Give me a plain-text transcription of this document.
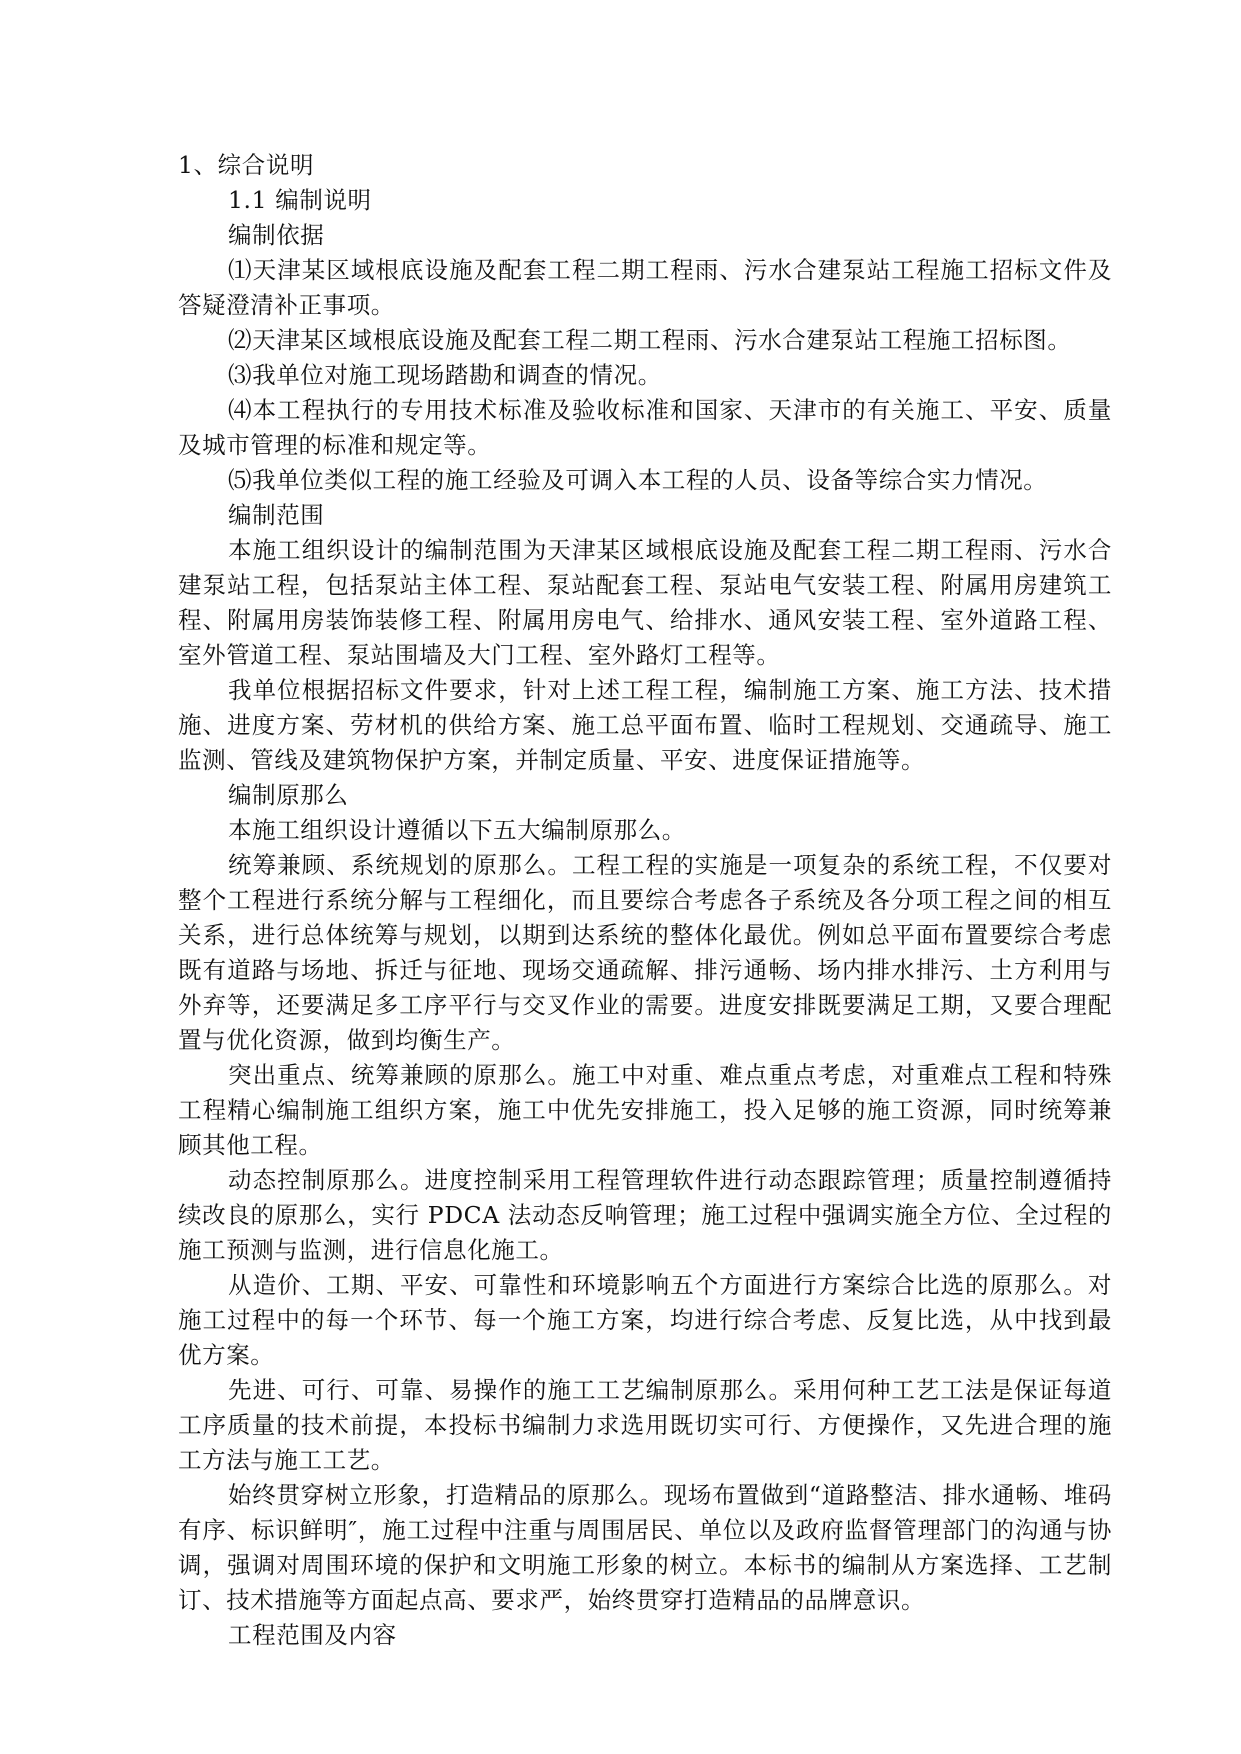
1、综合说明

1.1 编制说明

编制依据

⑴天津某区域根底设施及配套工程二期工程雨、污水合建泵站工程施工招标文件及答疑澄清补正事项。

⑵天津某区域根底设施及配套工程二期工程雨、污水合建泵站工程施工招标图。

⑶我单位对施工现场踏勘和调查的情况。

⑷本工程执行的专用技术标准及验收标准和国家、天津市的有关施工、平安、质量及城市管理的标准和规定等。

⑸我单位类似工程的施工经验及可调入本工程的人员、设备等综合实力情况。

编制范围

本施工组织设计的编制范围为天津某区域根底设施及配套工程二期工程雨、污水合建泵站工程，包括泵站主体工程、泵站配套工程、泵站电气安装工程、附属用房建筑工程、附属用房装饰装修工程、附属用房电气、给排水、通风安装工程、室外道路工程、室外管道工程、泵站围墙及大门工程、室外路灯工程等。

我单位根据招标文件要求，针对上述工程工程，编制施工方案、施工方法、技术措施、进度方案、劳材机的供给方案、施工总平面布置、临时工程规划、交通疏导、施工监测、管线及建筑物保护方案，并制定质量、平安、进度保证措施等。

编制原那么

本施工组织设计遵循以下五大编制原那么。

统筹兼顾、系统规划的原那么。工程工程的实施是一项复杂的系统工程，不仅要对整个工程进行系统分解与工程细化，而且要综合考虑各子系统及各分项工程之间的相互关系，进行总体统筹与规划，以期到达系统的整体化最优。例如总平面布置要综合考虑既有道路与场地、拆迁与征地、现场交通疏解、排污通畅、场内排水排污、土方利用与外弃等，还要满足多工序平行与交叉作业的需要。进度安排既要满足工期，又要合理配置与优化资源，做到均衡生产。

突出重点、统筹兼顾的原那么。施工中对重、难点重点考虑，对重难点工程和特殊工程精心编制施工组织方案，施工中优先安排施工，投入足够的施工资源，同时统筹兼顾其他工程。

动态控制原那么。进度控制采用工程管理软件进行动态跟踪管理；质量控制遵循持续改良的原那么，实行 PDCA 法动态反响管理；施工过程中强调实施全方位、全过程的施工预测与监测，进行信息化施工。

从造价、工期、平安、可靠性和环境影响五个方面进行方案综合比选的原那么。对施工过程中的每一个环节、每一个施工方案，均进行综合考虑、反复比选，从中找到最优方案。

先进、可行、可靠、易操作的施工工艺编制原那么。采用何种工艺工法是保证每道工序质量的技术前提，本投标书编制力求选用既切实可行、方便操作，又先进合理的施工方法与施工工艺。

始终贯穿树立形象，打造精品的原那么。现场布置做到“道路整洁、排水通畅、堆码有序、标识鲜明″，施工过程中注重与周围居民、单位以及政府监督管理部门的沟通与协调，强调对周围环境的保护和文明施工形象的树立。本标书的编制从方案选择、工艺制订、技术措施等方面起点高、要求严，始终贯穿打造精品的品牌意识。

工程范围及内容
